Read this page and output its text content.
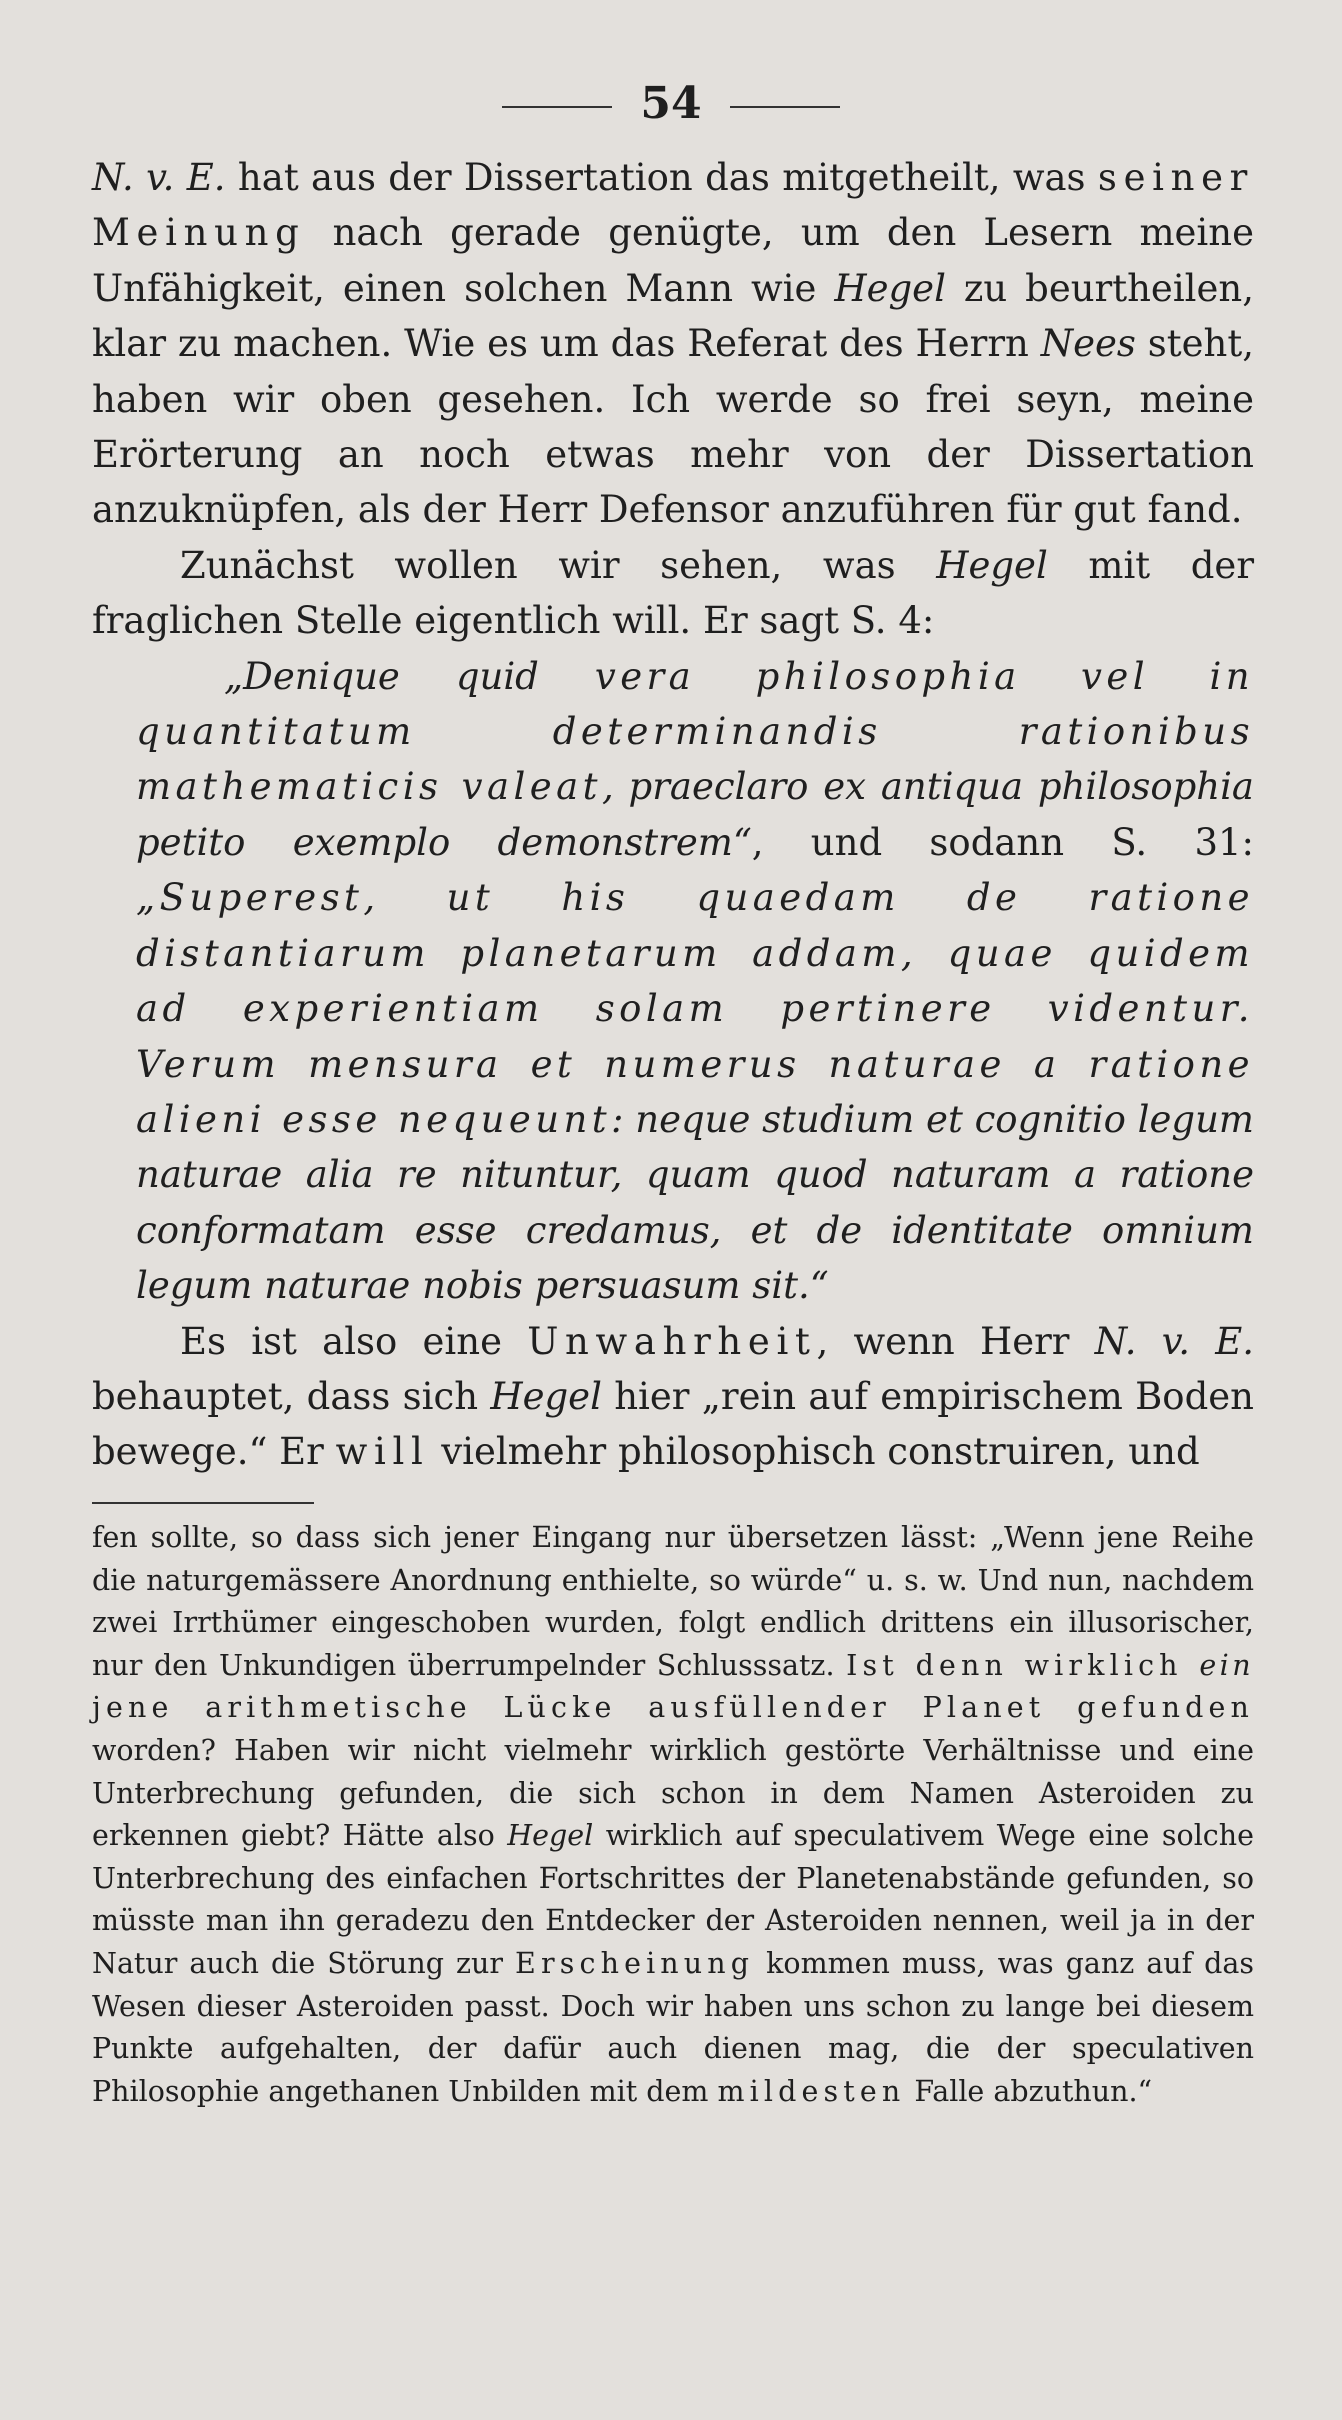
54

N. v. E. hat aus der Dissertation das mitgetheilt, was seiner Meinung nach gerade genügte, um den Lesern meine Unfähigkeit, einen solchen Mann wie Hegel zu beurtheilen, klar zu machen. Wie es um das Referat des Herrn Nees steht, haben wir oben gesehen. Ich werde so frei seyn, meine Erörterung an noch etwas mehr von der Dissertation anzuknüpfen, als der Herr Defensor anzuführen für gut fand.

Zunächst wollen wir sehen, was Hegel mit der fraglichen Stelle eigentlich will. Er sagt S. 4:

„Denique quid vera philosophia vel in quantitatum determinandis rationibus mathematicis valeat, praeclaro ex antiqua philosophia petito exemplo demonstrem“, und sodann S. 31: „Superest, ut his quaedam de ratione distantiarum planetarum addam, quae quidem ad experientiam solam pertinere videntur. Verum mensura et numerus naturae a ratione alieni esse nequeunt: neque studium et cognitio legum naturae alia re nituntur, quam quod naturam a ratione conformatam esse credamus, et de identitate omnium legum naturae nobis persuasum sit.“

Es ist also eine Unwahrheit, wenn Herr N. v. E. behauptet, dass sich Hegel hier „rein auf empirischem Boden bewege.“ Er will vielmehr philosophisch construiren, und

fen sollte, so dass sich jener Eingang nur übersetzen lässt: „Wenn jene Reihe die naturgemässere Anordnung enthielte, so würde“ u. s. w. Und nun, nachdem zwei Irrthümer eingeschoben wurden, folgt endlich drittens ein illusorischer, nur den Unkundigen überrumpelnder Schlusssatz. Ist denn wirklich ein jene arithmetische Lücke ausfüllender Planet gefunden worden? Haben wir nicht vielmehr wirklich gestörte Verhältnisse und eine Unterbrechung gefunden, die sich schon in dem Namen Asteroiden zu erkennen giebt? Hätte also Hegel wirklich auf speculativem Wege eine solche Unterbrechung des einfachen Fortschrittes der Planetenabstände gefunden, so müsste man ihn geradezu den Entdecker der Asteroiden nennen, weil ja in der Natur auch die Störung zur Erscheinung kommen muss, was ganz auf das Wesen dieser Asteroiden passt. Doch wir haben uns schon zu lange bei diesem Punkte aufgehalten, der dafür auch dienen mag, die der speculativen Philosophie angethanen Unbilden mit dem mildesten Falle abzuthun.“
